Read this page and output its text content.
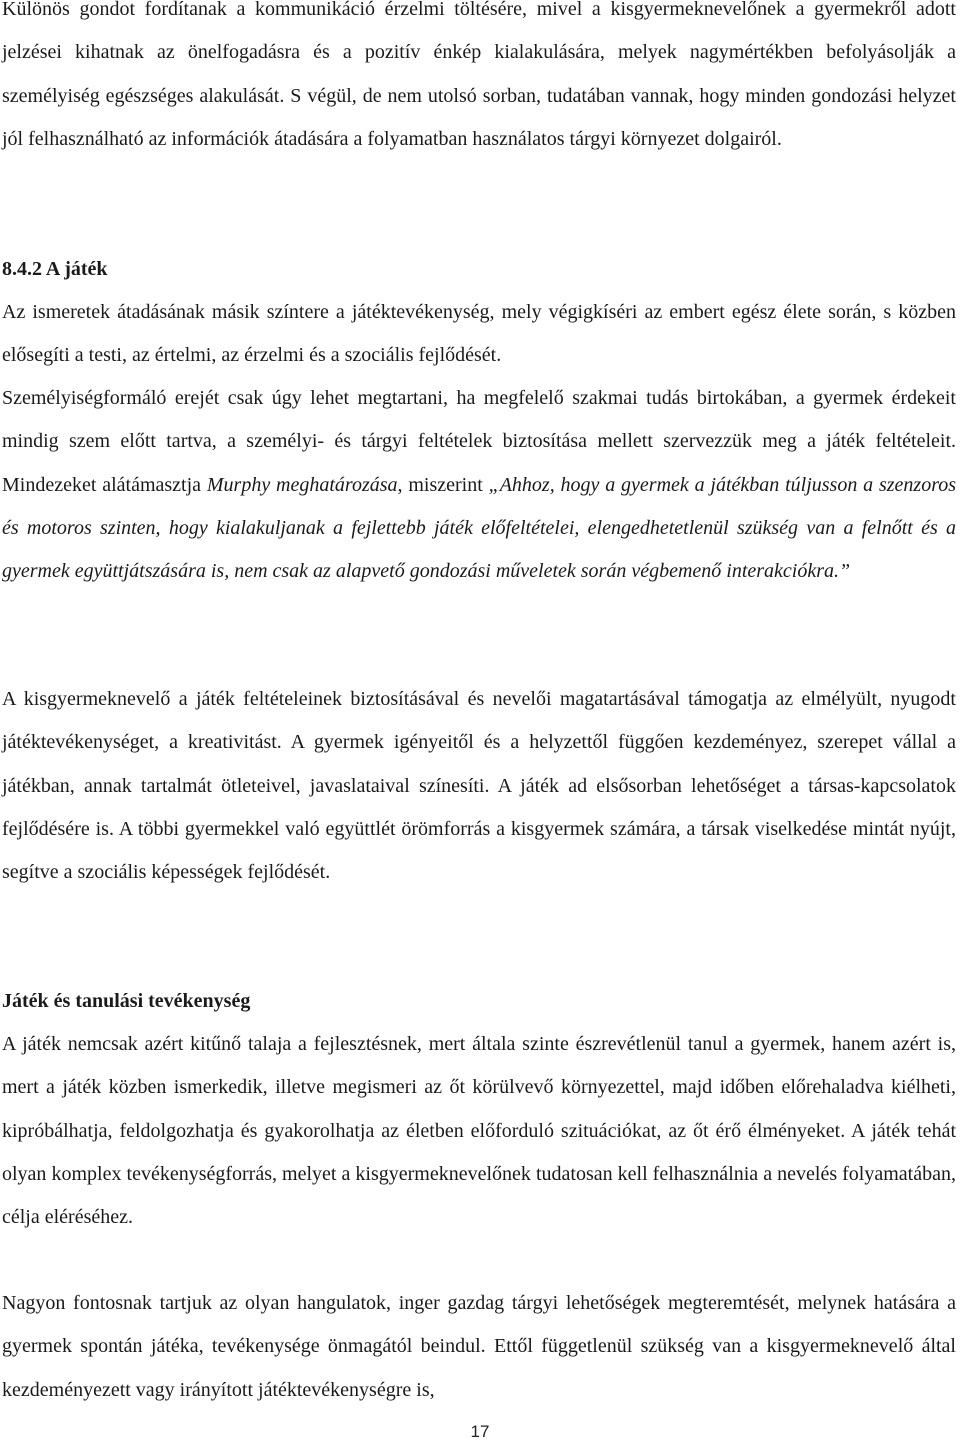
Különös gondot fordítanak a kommunikáció érzelmi töltésére, mivel a kisgyermeknevelőnek a gyermekről adott jelzései kihatnak az önelfogadásra és a pozitív énkép kialakulására, melyek nagymértékben befolyásolják a személyiség egészséges alakulását. S végül, de nem utolsó sorban, tudatában vannak, hogy minden gondozási helyzet jól felhasználható az információk átadására a folyamatban használatos tárgyi környezet dolgairól.

8.4.2 A játék

Az ismeretek átadásának másik színtere a játéktevékenység, mely végigkíséri az embert egész élete során, s közben elősegíti a testi, az értelmi, az érzelmi és a szociális fejlődését.

Személyiségformáló erejét csak úgy lehet megtartani, ha megfelelő szakmai tudás birtokában, a gyermek érdekeit mindig szem előtt tartva, a személyi- és tárgyi feltételek biztosítása mellett szervezzük meg a játék feltételeit. Mindezeket alátámasztja Murphy meghatározása, miszerint „Ahhoz, hogy a gyermek a játékban túljusson a szenzoros és motoros szinten, hogy kialakuljanak a fejlettebb játék előfeltételei, elengedhetetlenül szükség van a felnőtt és a gyermek együttjátszására is, nem csak az alapvető gondozási műveletek során végbemenő interakciókra.”

A kisgyermeknevelő a játék feltételeinek biztosításával és nevelői magatartásával támogatja az elmélyült, nyugodt játéktevékenységet, a kreativitást. A gyermek igényeitől és a helyzettől függően kezdeményez, szerepet vállal a játékban, annak tartalmát ötleteivel, javaslataival színesíti. A játék ad elsősorban lehetőséget a társas-kapcsolatok fejlődésére is. A többi gyermekkel való együttlét örömforrás a kisgyermek számára, a társak viselkedése mintát nyújt, segítve a szociális képességek fejlődését.

Játék és tanulási tevékenység

A játék nemcsak azért kitűnő talaja a fejlesztésnek, mert általa szinte észrevétlenül tanul a gyermek, hanem azért is, mert a játék közben ismerkedik, illetve megismeri az őt körülvevő környezettel, majd időben előrehaladva kiélheti, kipróbálhatja, feldolgozhatja és gyakorolhatja az életben előforduló szituációkat, az őt érő élményeket. A játék tehát olyan komplex tevékenységforrás, melyet a kisgyermeknevelőnek tudatosan kell felhasználnia a nevelés folyamatában, célja eléréséhez.

Nagyon fontosnak tartjuk az olyan hangulatok, inger gazdag tárgyi lehetőségek megteremtését, melynek hatására a gyermek spontán játéka, tevékenysége önmagától beindul. Ettől függetlenül szükség van a kisgyermeknevelő által kezdeményezett vagy irányított játéktevékenységre is,

17
